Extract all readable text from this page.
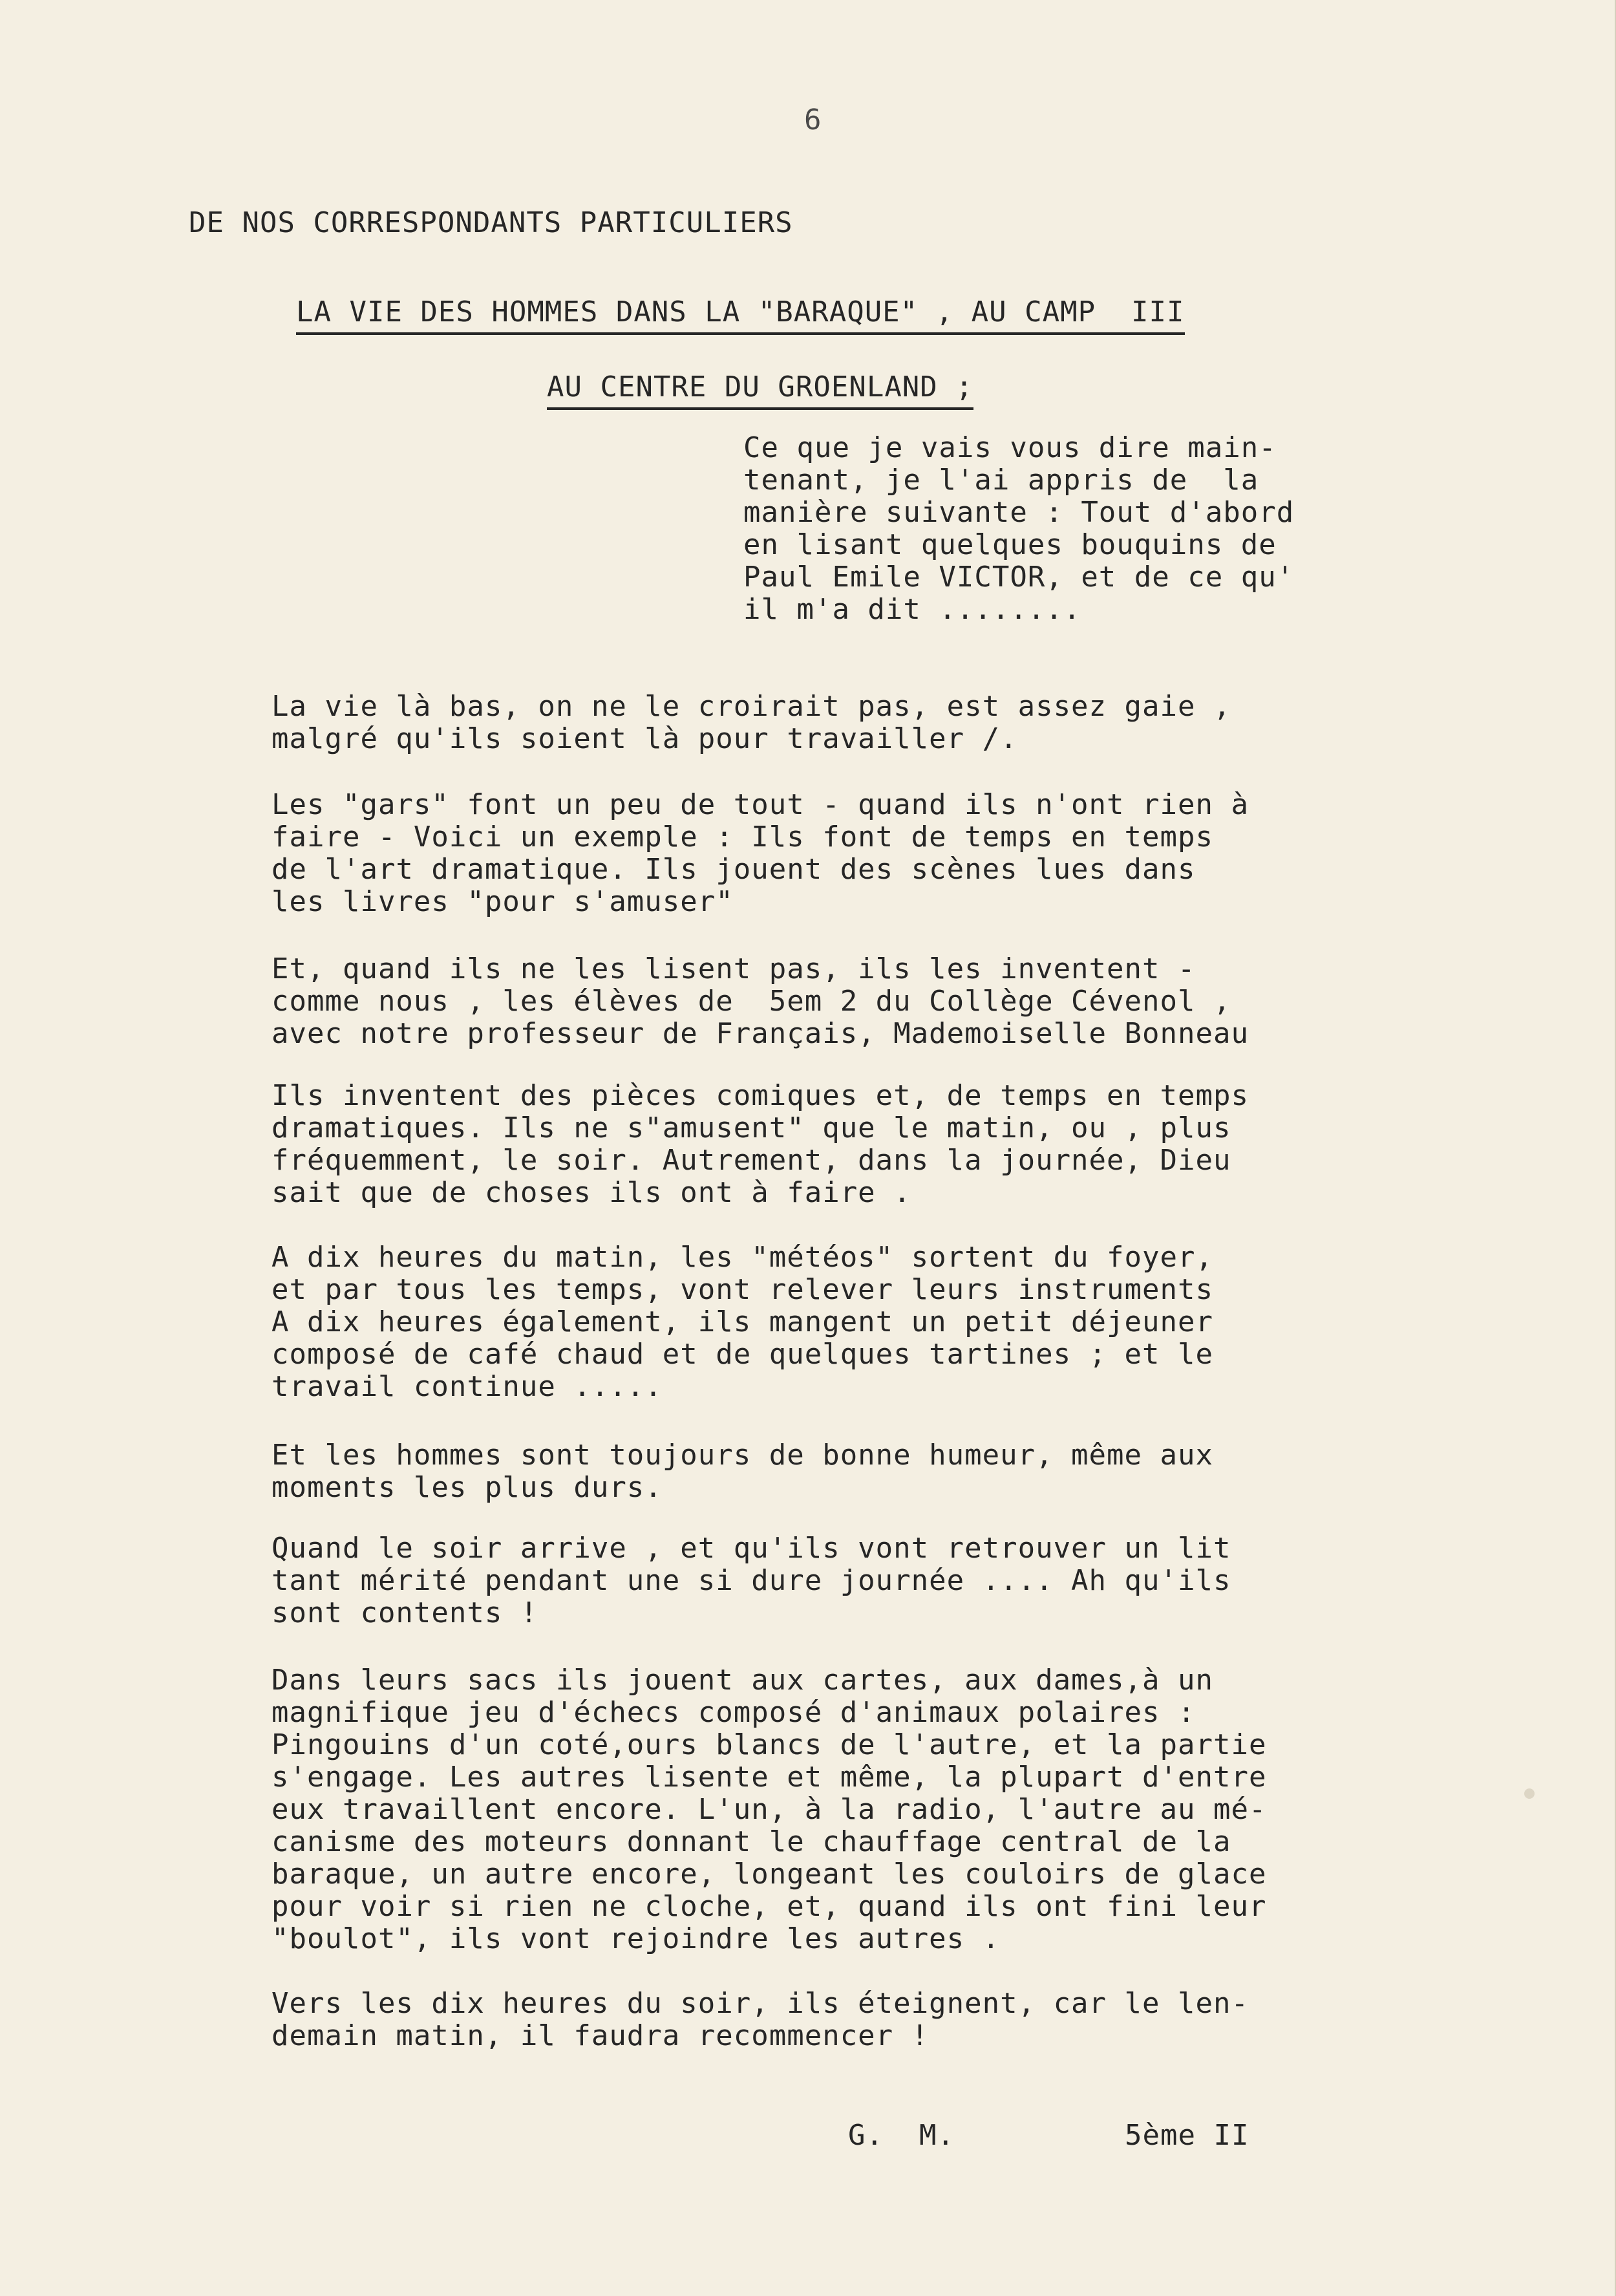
6
DE NOS CORRESPONDANTS PARTICULIERS
LA VIE DES HOMMES DANS LA "BARAQUE" , AU CAMP  III
AU CENTRE DU GROENLAND ;
Ce que je vais vous dire main-
tenant, je l'ai appris de  la
manière suivante : Tout d'abord
en lisant quelques bouquins de
Paul Emile VICTOR, et de ce qu'
il m'a dit ........
La vie là bas, on ne le croirait pas, est assez gaie ,
malgré qu'ils soient là pour travailler /.
Les "gars" font un peu de tout - quand ils n'ont rien à
faire - Voici un exemple : Ils font de temps en temps
de l'art dramatique. Ils jouent des scènes lues dans
les livres "pour s'amuser"
Et, quand ils ne les lisent pas, ils les inventent -
comme nous , les élèves de  5em 2 du Collège Cévenol ,
avec notre professeur de Français, Mademoiselle Bonneau
Ils inventent des pièces comiques et, de temps en temps
dramatiques. Ils ne s"amusent" que le matin, ou , plus
fréquemment, le soir. Autrement, dans la journée, Dieu
sait que de choses ils ont à faire .
A dix heures du matin, les "météos" sortent du foyer,
et par tous les temps, vont relever leurs instruments
A dix heures également, ils mangent un petit déjeuner
composé de café chaud et de quelques tartines ; et le
travail continue .....
Et les hommes sont toujours de bonne humeur, même aux
moments les plus durs.
Quand le soir arrive , et qu'ils vont retrouver un lit
tant mérité pendant une si dure journée .... Ah qu'ils
sont contents !
Dans leurs sacs ils jouent aux cartes, aux dames,à un
magnifique jeu d'échecs composé d'animaux polaires :
Pingouins d'un coté,ours blancs de l'autre, et la partie
s'engage. Les autres lisente et même, la plupart d'entre
eux travaillent encore. L'un, à la radio, l'autre au mé-
canisme des moteurs donnant le chauffage central de la
baraque, un autre encore, longeant les couloirs de glace
pour voir si rien ne cloche, et, quand ils ont fini leur
"boulot", ils vont rejoindre les autres .
Vers les dix heures du soir, ils éteignent, car le len-
demain matin, il faudra recommencer !
G.  M.	5ème II
